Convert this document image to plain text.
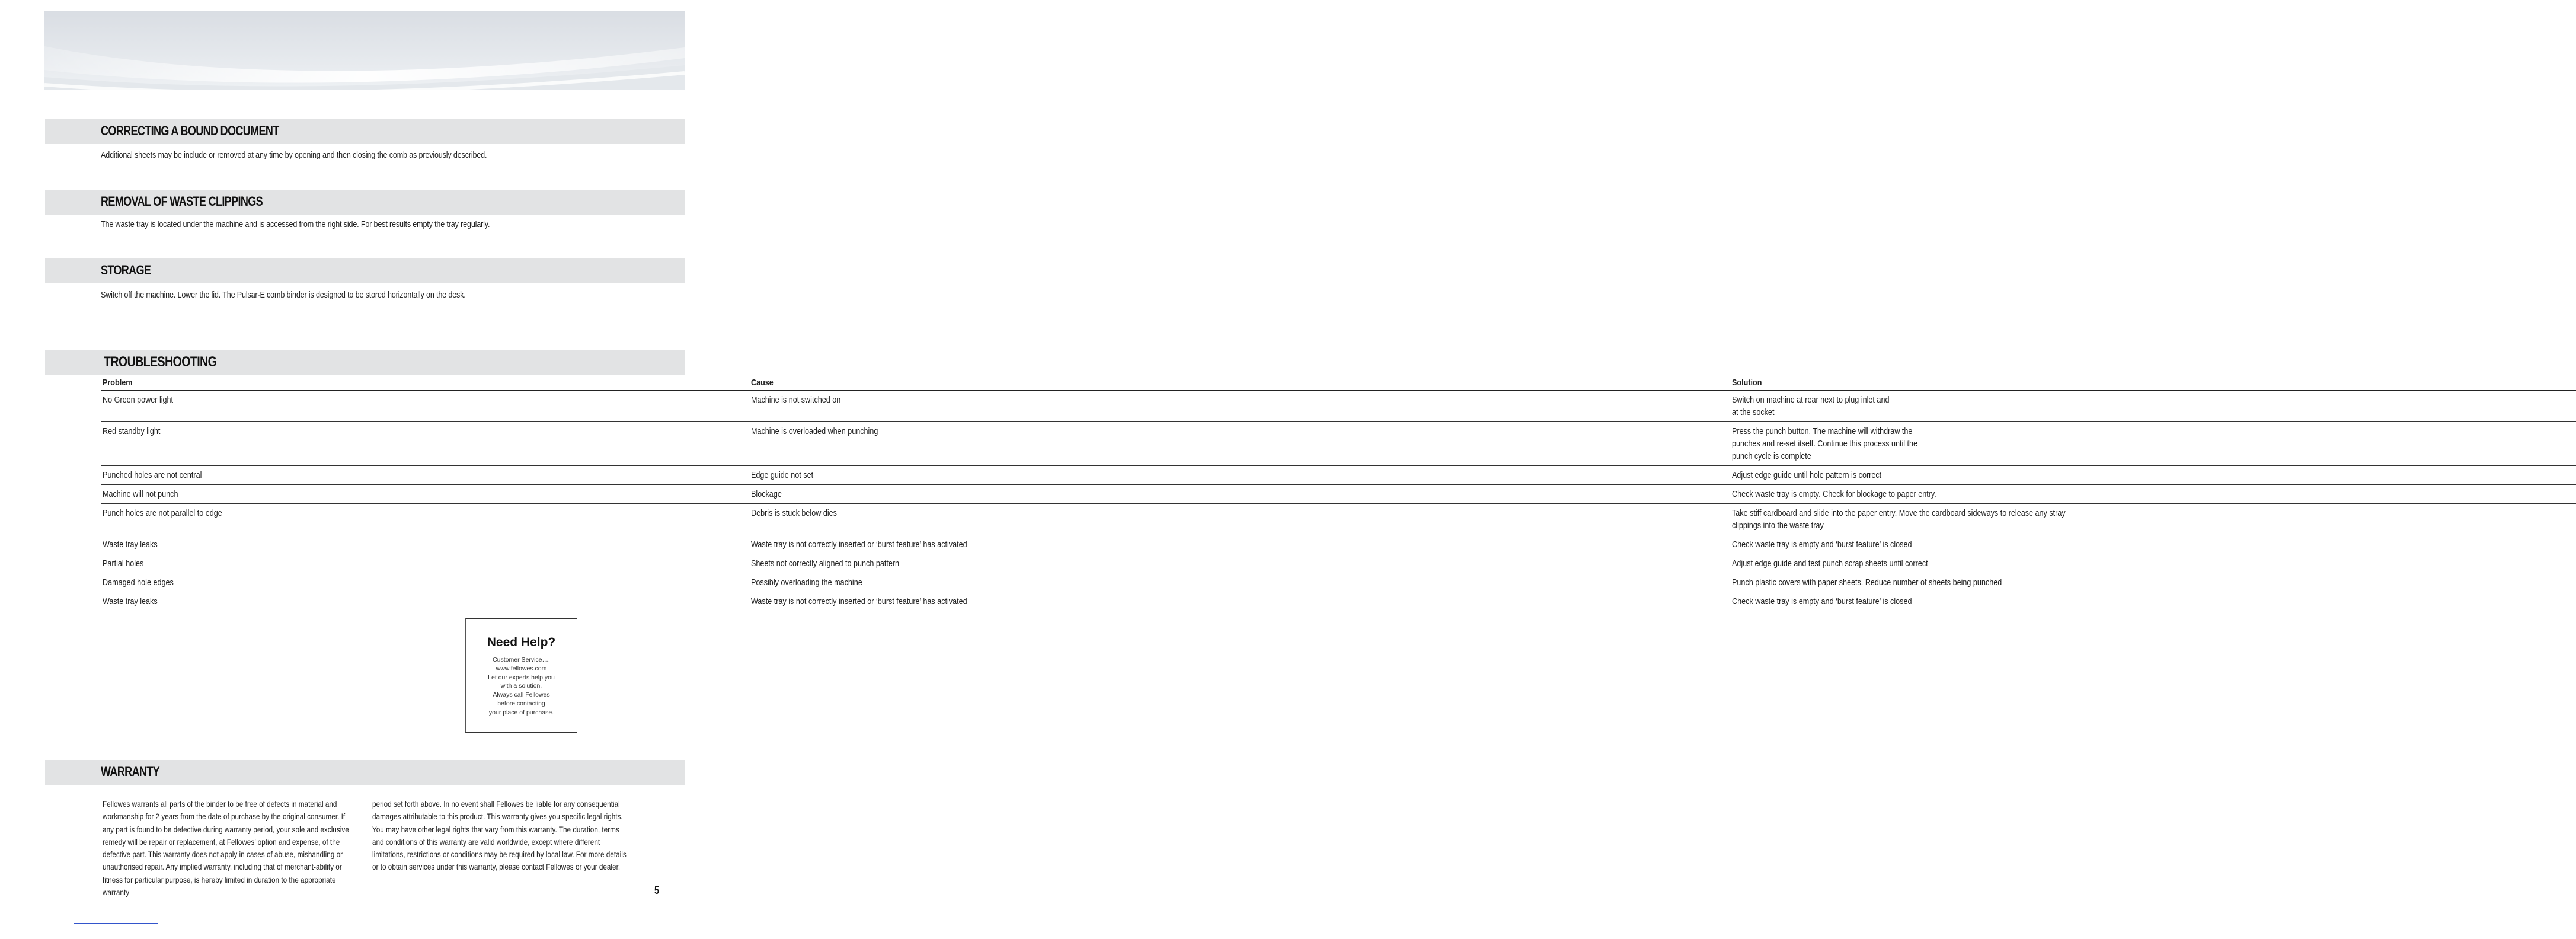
CORRECTING A BOUND DOCUMENT

Additional sheets may be include or removed at any time by opening and then closing the comb as previously described.

REMOVAL OF WASTE CLIPPINGS

The waste tray is located under the machine and is accessed from the right side. For best results empty the tray regularly.

STORAGE

Switch off the machine. Lower the lid. The Pulsar-E comb binder is designed to be stored horizontally on the desk.

TROUBLESHOOTING
Problem	Cause	Solution
No Green power light	Machine is not switched on	Switch on machine at rear next to plug inlet and at the socket
Red standby light	Machine is overloaded when punching	Press the punch button. The machine will withdraw the punches and re-set itself. Continue this process until the punch cycle is complete
Punched holes are not central	Edge guide not set	Adjust edge guide until hole pattern is correct
Machine will not punch	Blockage	Check waste tray is empty. Check for blockage to paper entry.
Punch holes are not parallel to edge	Debris is stuck below dies	Take stiff cardboard and slide into the paper entry. Move the cardboard sideways to release any stray clippings into the waste tray
Waste tray leaks	Waste tray is not correctly inserted or ‘burst feature’ has activated	Check waste tray is empty and ‘burst feature’ is closed
Partial holes	Sheets not correctly aligned to punch pattern	Adjust edge guide and test punch scrap sheets until correct
Damaged hole edges	Possibly overloading the machine	Punch plastic covers with paper sheets. Reduce number of sheets being punched
Waste tray leaks	Waste tray is not correctly inserted or ‘burst feature’ has activated	Check waste tray is empty and ‘burst feature’ is closed
Need Help?

Customer Service….

www.fellowes.com

Let our experts help you

with a solution.

Always call Fellowes

before contacting

your place of purchase.

WARRANTY
Fellowes warrants all parts of the binder to be free of defects in material and workmanship for 2 years from the date of purchase by the original consumer. If any part is found to be defective during warranty period, your sole and exclusive remedy will be repair or replacement, at Fellowes’ option and expense, of the defective part. This warranty does not apply in cases of abuse, mishandling or unauthorised repair. Any implied warranty, including that of merchant-ability or fitness for particular purpose, is hereby limited in duration to the appropriate warranty
period set forth above. In no event shall Fellowes be liable for any consequential damages attributable to this product. This warranty gives you specific legal rights. You may have other legal rights that vary from this warranty. The duration, terms and conditions of this warranty are valid worldwide, except where different limitations, restrictions or conditions may be required by local law. For more details or to obtain services under this warranty, please contact Fellowes or your dealer.
5
